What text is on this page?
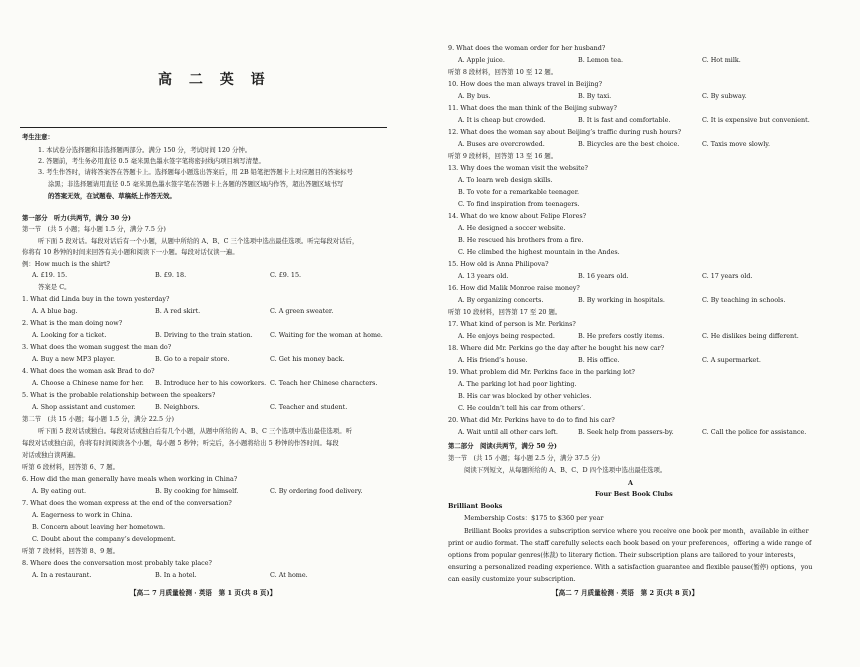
高 二 英 语
考生注意：
1. 本试卷分选择题和非选择题两部分。满分 150 分，考试时间 120 分钟。
2. 答题前，考生务必用直径 0.5 毫米黑色墨水签字笔将密封线内项目填写清楚。
3. 考生作答时，请将答案答在答题卡上。选择题每小题选出答案后，用 2B 铅笔把答题卡上对应题目的答案标号
涂黑；非选择题请用直径 0.5 毫米黑色墨水签字笔在答题卡上各题的答题区域内作答，超出答题区域书写
的答案无效，在试题卷、草稿纸上作答无效。
第一部分　听力(共两节，满分 30 分)
第一节　(共 5 小题；每小题 1.5 分，满分 7.5 分)
听下面 5 段对话。每段对话后有一个小题，从题中所给的 A、B、C 三个选项中选出最佳选项。听完每段对话后，
你将有 10 秒钟的时间来回答有关小题和阅读下一小题。每段对话仅读一遍。
例：How much is the shirt?
A. £19. 15.	B. £9. 18.	C. £9. 15.
答案是 C。
1. What did Linda buy in the town yesterday?
A. A blue bag.	B. A red skirt.	C. A green sweater.
2. What is the man doing now?
A. Looking for a ticket.	B. Driving to the train station.	C. Waiting for the woman at home.
3. What does the woman suggest the man do?
A. Buy a new MP3 player.	B. Go to a repair store.	C. Get his money back.
4. What does the woman ask Brad to do?
A. Choose a Chinese name for her. B. Introduce her to his coworkers. C. Teach her Chinese characters.
5. What is the probable relationship between the speakers?
A. Shop assistant and customer.	B. Neighbors.	C. Teacher and student.
第二节　(共 15 小题；每小题 1.5 分，满分 22.5 分)
听下面 5 段对话或独白。每段对话或独白后有几个小题，从题中所给的 A、B、C 三个选项中选出最佳选项。听
每段对话或独白前，你将有时间阅读各个小题，每小题 5 秒钟；听完后，各小题将给出 5 秒钟的作答时间。每段
对话或独白读两遍。
听第 6 段材料，回答第 6、7 题。
6. How did the man generally have meals when working in China?
A. By eating out.	B. By cooking for himself.	C. By ordering food delivery.
7. What does the woman express at the end of the conversation?
A. Eagerness to work in China.
B. Concern about leaving her hometown.
C. Doubt about the company’s development.
听第 7 段材料，回答第 8、9 题。
8. Where does the conversation most probably take place?
A. In a restaurant.	B. In a hotel.	C. At home.
【高二 7 月质量检测 · 英语　第 1 页(共 8 页)】
9. What does the woman order for her husband?
A. Apple juice.	B. Lemon tea.	C. Hot milk.
听第 8 段材料，回答第 10 至 12 题。
10. How does the man always travel in Beijing?
A. By bus.	B. By taxi.	C. By subway.
11. What does the man think of the Beijing subway?
A. It is cheap but crowded.	B. It is fast and comfortable.	C. It is expensive but convenient.
12. What does the woman say about Beijing’s traffic during rush hours?
A. Buses are overcrowded.	B. Bicycles are the best choice.	C. Taxis move slowly.
听第 9 段材料，回答第 13 至 16 题。
13. Why does the woman visit the website?
A. To learn web design skills.
B. To vote for a remarkable teenager.
C. To find inspiration from teenagers.
14. What do we know about Felipe Flores?
A. He designed a soccer website.
B. He rescued his brothers from a fire.
C. He climbed the highest mountain in the Andes.
15. How old is Anna Philipova?
A. 13 years old.	B. 16 years old.	C. 17 years old.
16. How did Malik Monroe raise money?
A. By organizing concerts.	B. By working in hospitals.	C. By teaching in schools.
听第 10 段材料，回答第 17 至 20 题。
17. What kind of person is Mr. Perkins?
A. He enjoys being respected.	B. He prefers costly items.	C. He dislikes being different.
18. Where did Mr. Perkins go the day after he bought his new car?
A. His friend’s house.	B. His office.	C. A supermarket.
19. What problem did Mr. Perkins face in the parking lot?
A. The parking lot had poor lighting.
B. His car was blocked by other vehicles.
C. He couldn’t tell his car from others’.
20. What did Mr. Perkins have to do to find his car?
A. Wait until all other cars left.	B. Seek help from passers-by.	C. Call the police for assistance.
第二部分　阅读(共两节，满分 50 分)
第一节　(共 15 小题；每小题 2.5 分，满分 37.5 分)
阅读下列短文，从每题所给的 A、B、C、D 四个选项中选出最佳选项。
A
Four Best Book Clubs
Brilliant Books
Membership Costs：$175 to $360 per year
Brilliant Books provides a subscription service where you receive one book per month，available in either
print or audio format. The staff carefully selects each book based on your preferences，offering a wide range of
options from popular genres(体裁) to literary fiction. Their subscription plans are tailored to your interests，
ensuring a personalized reading experience. With a satisfaction guarantee and flexible pause(暂停) options，you
can easily customize your subscription.
【高二 7 月质量检测 · 英语　第 2 页(共 8 页)】
